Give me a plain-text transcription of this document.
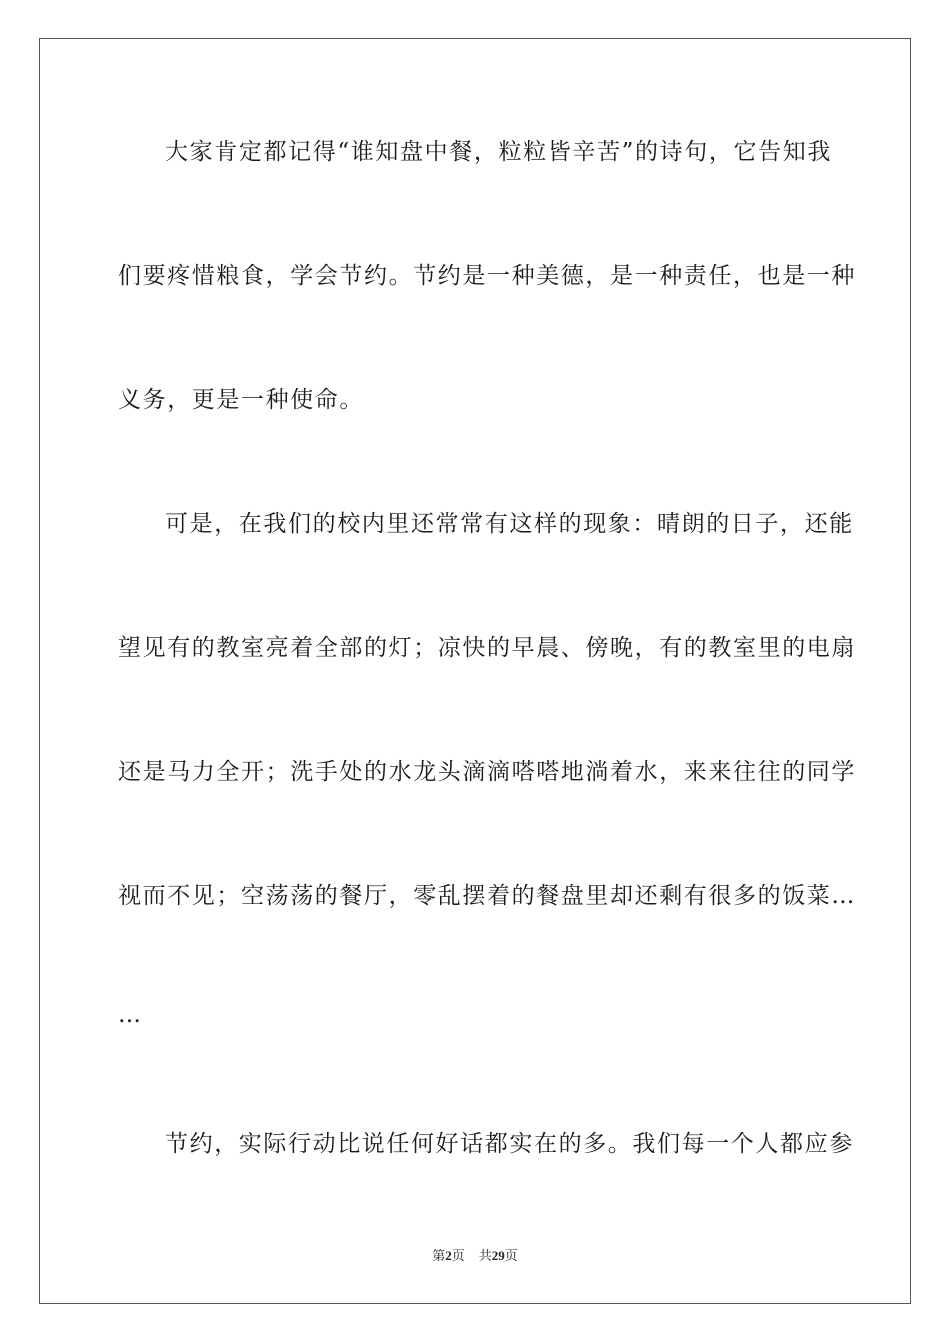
大家肯定都记得“谁知盘中餐，粒粒皆辛苦”的诗句，它告知我
们要疼惜粮食，学会节约。节约是一种美德，是一种责任，也是一种
义务，更是一种使命。
可是，在我们的校内里还常常有这样的现象：晴朗的日子，还能
望见有的教室亮着全部的灯；凉快的早晨、傍晚，有的教室里的电扇
还是马力全开；洗手处的水龙头滴滴嗒嗒地淌着水，来来往往的同学
视而不见；空荡荡的餐厅，零乱摆着的餐盘里却还剩有很多的饭菜…
…
节约，实际行动比说任何好话都实在的多。我们每一个人都应参
第2页 共29页
